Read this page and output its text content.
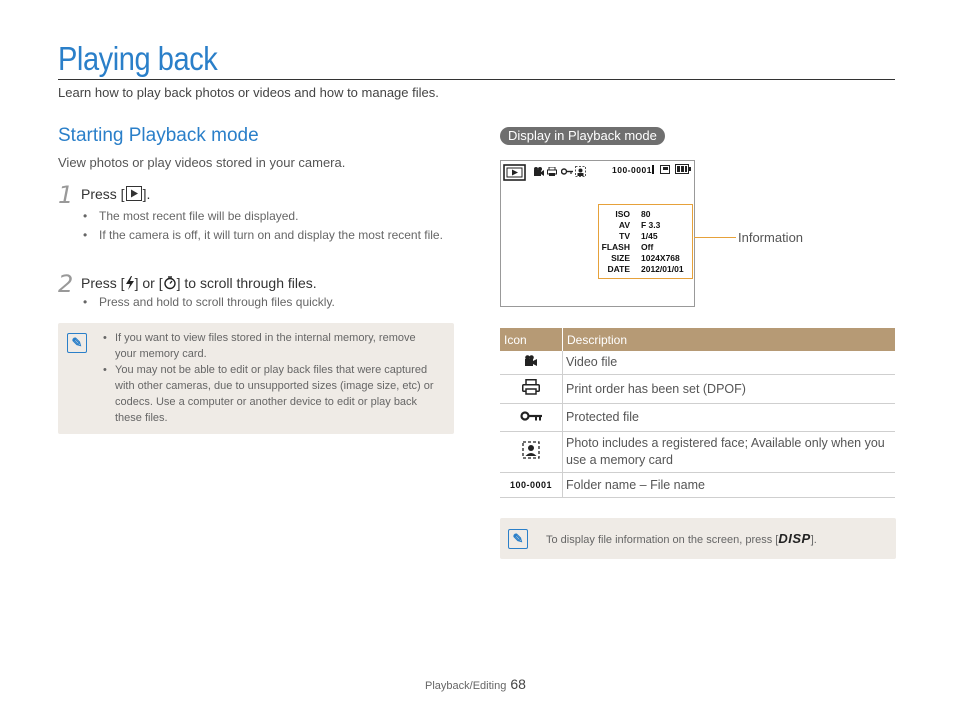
Playing back
Learn how to play back photos or videos and how to manage files.
Starting Playback mode
View photos or play videos stored in your camera.
1 Press [ ].
• The most recent file will be displayed.
• If the camera is off, it will turn on and display the most recent file.
2 Press [ ] or [ ] to scroll through files.
• Press and hold to scroll through files quickly.
✎	• If you want to view files stored in the internal memory, remove your memory card.
• You may not be able to edit or play back files that were captured with other cameras, due to unsupported sizes (image size, etc) or codecs. Use a computer or another device to edit or play back these files.
Display in Playback mode
100-0001
ISO 80
AV F 3.3
TV 1/45
FLASH Off
SIZE 1024X768
DATE 2012/01/01
Information
Icon	Description
	Video file
	Print order has been set (DPOF)
	Protected file
	Photo includes a registered face; Available only when you use a memory card
100-0001	Folder name – File name
✎	To display file information on the screen, press [DISP].
Playback/Editing 68
